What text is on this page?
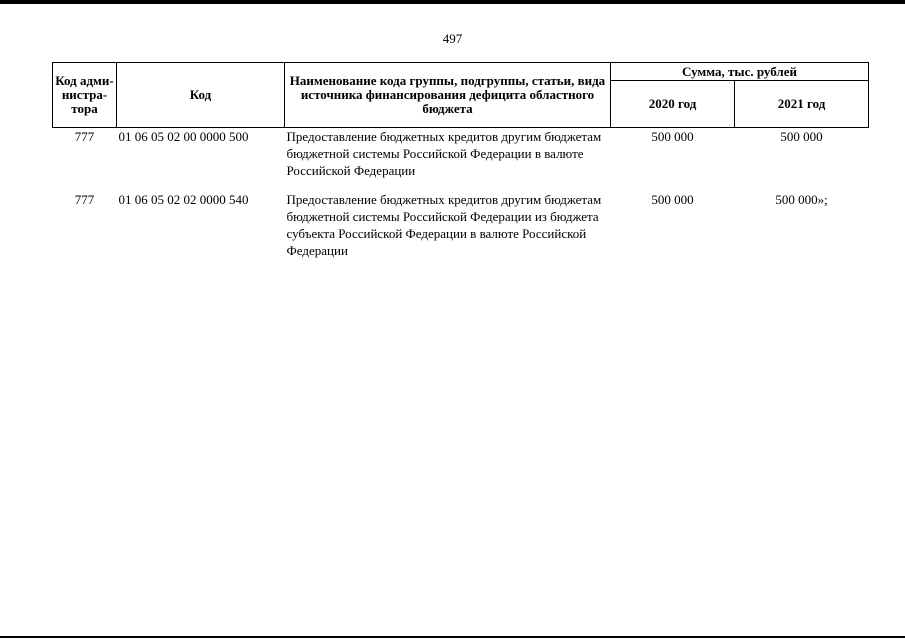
497
Код адми-нистра-тора	Код	Наименование кода группы, подгруппы, статьи, вида источника финансирования дефицита областного бюджета	Сумма, тыс. рублей	
			2020 год	2021 год
777	01 06 05 02 00 0000 500	Предоставление бюджетных кредитов другим бюджетам бюджетной системы Российской Федерации в валюте Российской Федерации	500 000	500 000
777	01 06 05 02 02 0000 540	Предоставление бюджетных кредитов другим бюджетам бюджетной системы Российской Федерации из бюджета субъекта Российской Федерации в валюте Российской Федерации	500 000	500 000»;
